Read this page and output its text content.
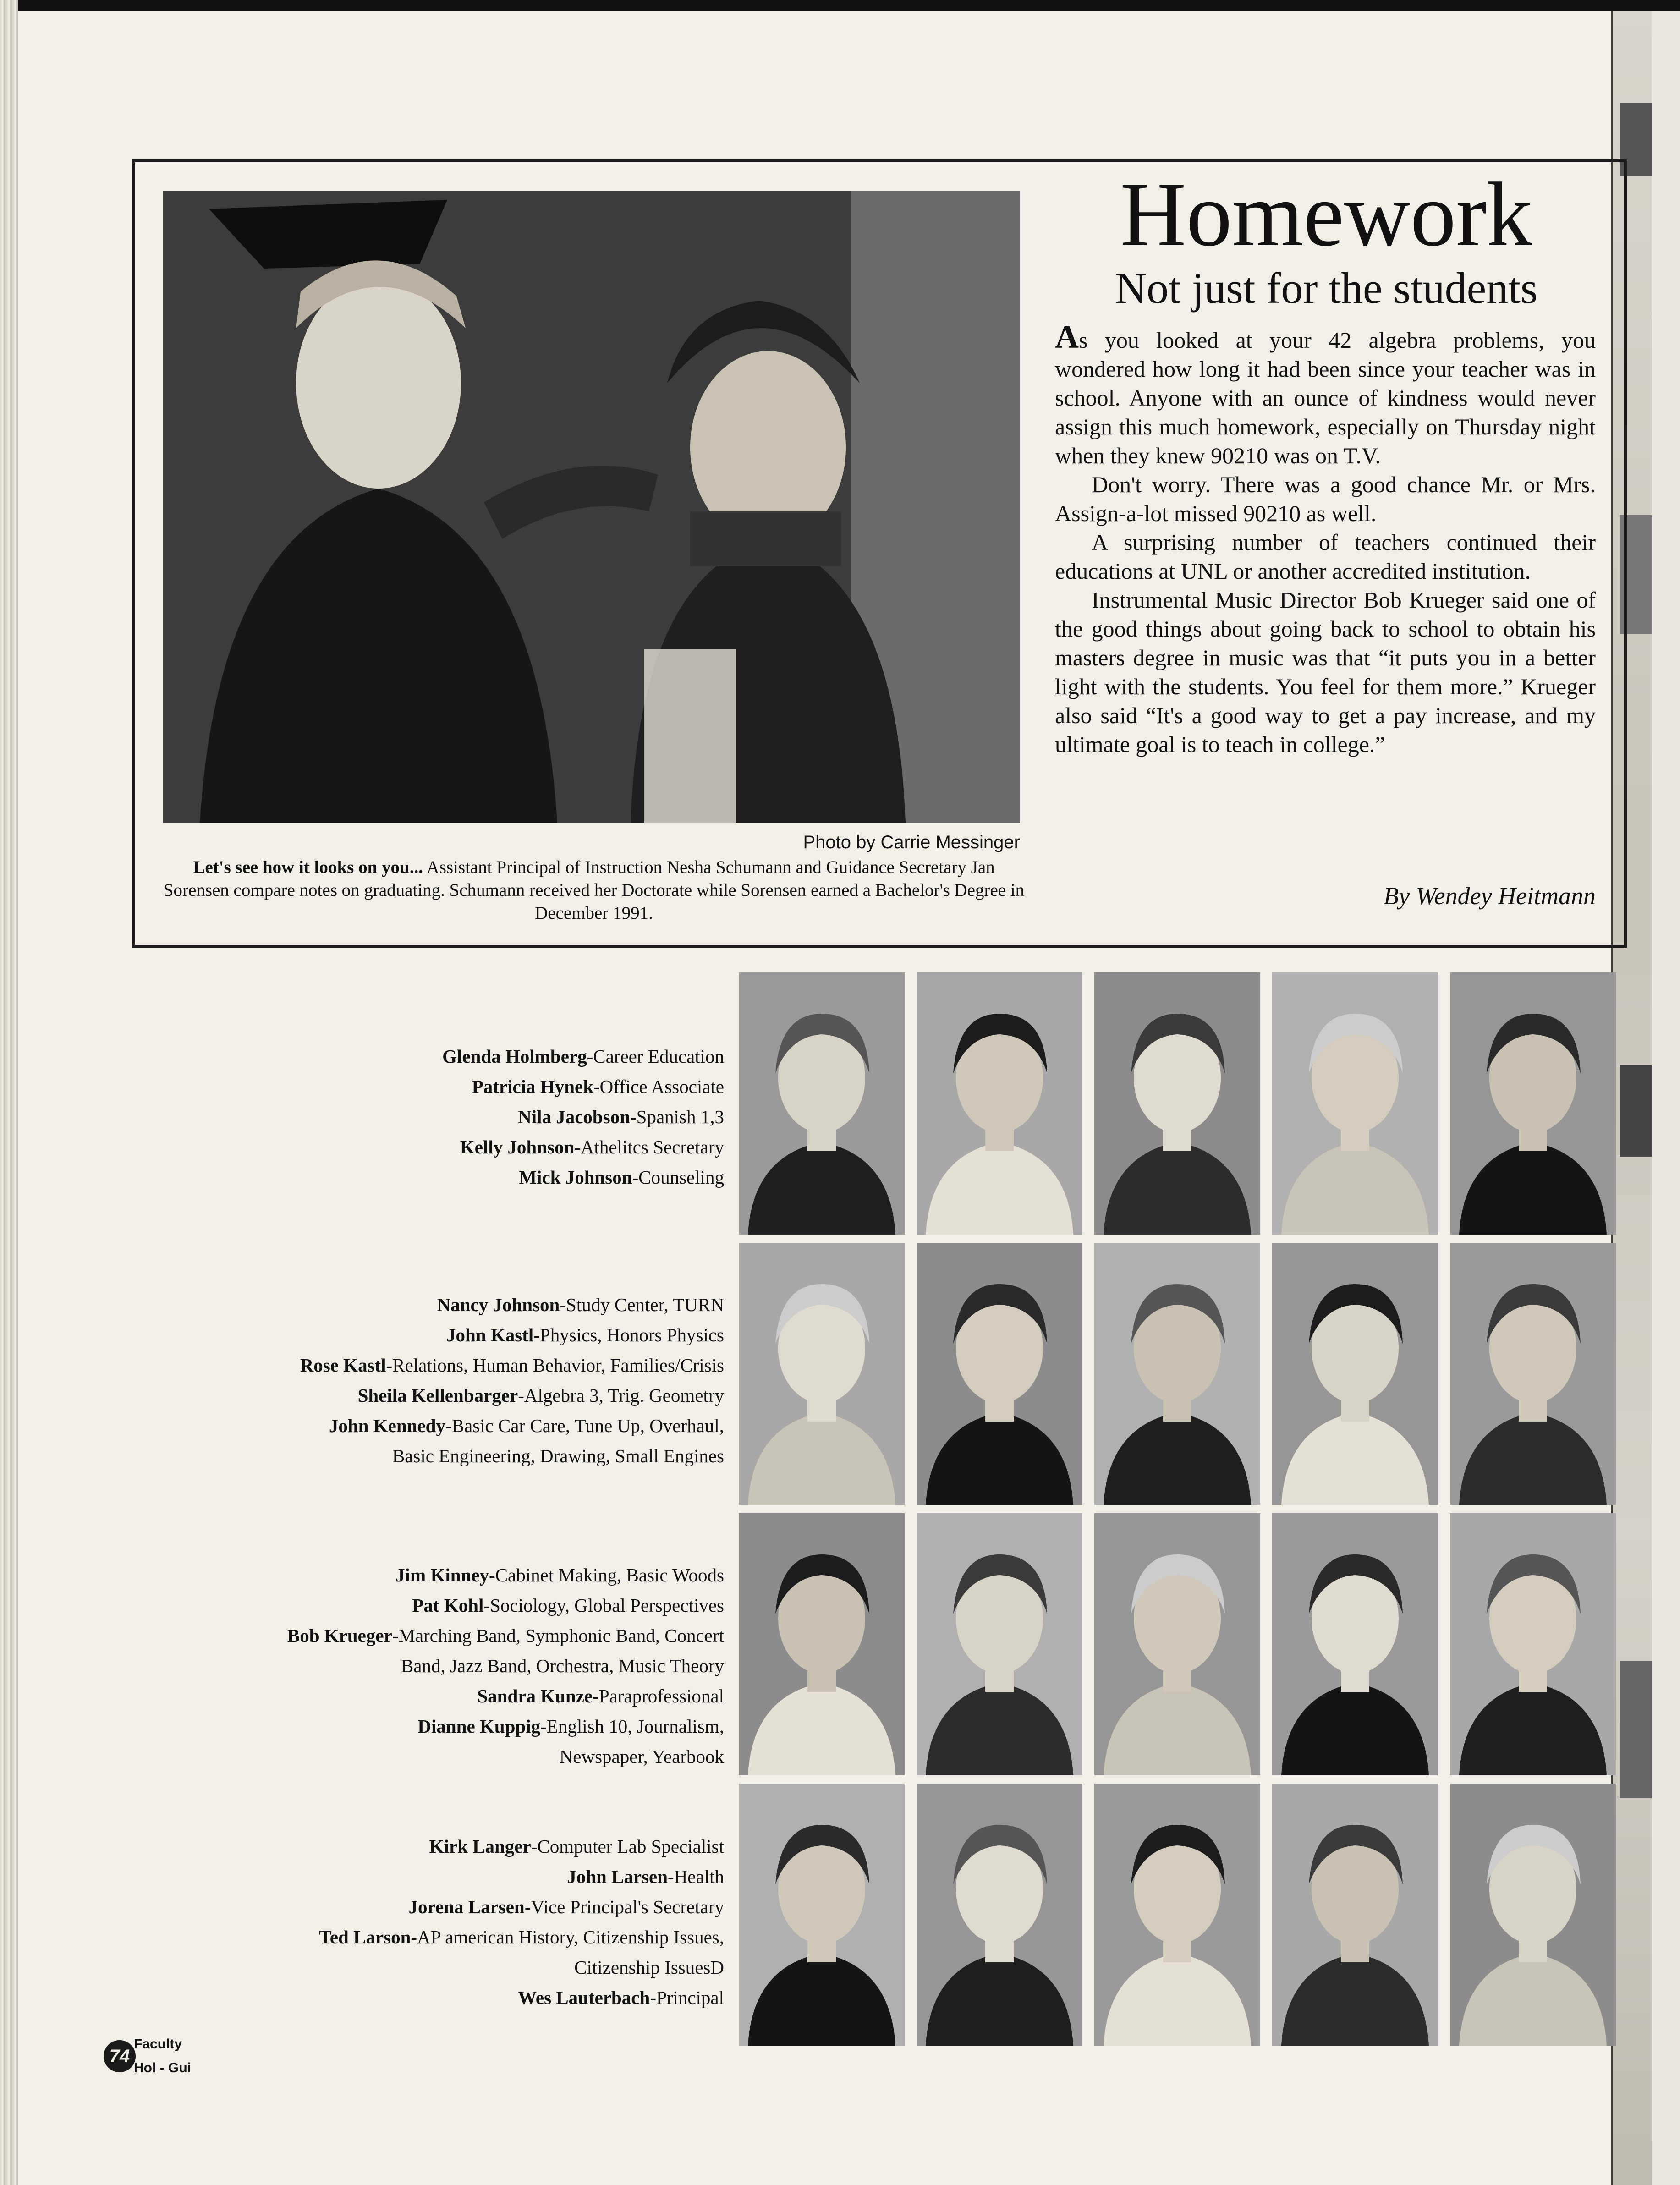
Photo by Carrie Messinger
Let's see how it looks on you... Assistant Principal of Instruction Nesha Schumann and Guidance Secretary Jan Sorensen compare notes on graduating. Schumann received her Doctorate while Sorensen earned a Bachelor's Degree in December 1991.
Homework
Not just for the students

As you looked at your 42 algebra problems, you wondered how long it had been since your teacher was in school. Anyone with an ounce of kindness would never assign this much homework, especially on Thursday night when they knew 90210 was on T.V.

Don't worry. There was a good chance Mr. or Mrs. Assign-a-lot missed 90210 as well.

A surprising number of teachers continued their educations at UNL or another accredited institution.

Instrumental Music Director Bob Krueger said one of the good things about going back to school to obtain his masters degree in music was that “it puts you in a better light with the students. You feel for them more.” Krueger also said “It's a good way to get a pay increase, and my ultimate goal is to teach in college.”

By Wendey Heitmann
Glenda Holmberg-Career Education
Patricia Hynek-Office Associate
Nila Jacobson-Spanish 1,3
Kelly Johnson-Athelitcs Secretary
Mick Johnson-Counseling
Nancy Johnson-Study Center, TURN
John Kastl-Physics, Honors Physics
Rose Kastl-Relations, Human Behavior, Families/Crisis
Sheila Kellenbarger-Algebra 3, Trig. Geometry
John Kennedy-Basic Car Care, Tune Up, Overhaul, Basic Engineering, Drawing, Small Engines
Jim Kinney-Cabinet Making, Basic Woods
Pat Kohl-Sociology, Global Perspectives
Bob Krueger-Marching Band, Symphonic Band, Concert Band, Jazz Band, Orchestra, Music Theory
Sandra Kunze-Paraprofessional
Dianne Kuppig-English 10, Journalism, Newspaper, Yearbook
Kirk Langer-Computer Lab Specialist
John Larsen-Health
Jorena Larsen-Vice Principal's Secretary
Ted Larson-AP american History, Citizenship Issues, Citizenship IssuesD
Wes Lauterbach-Principal
74
Faculty
Hol - Gui
